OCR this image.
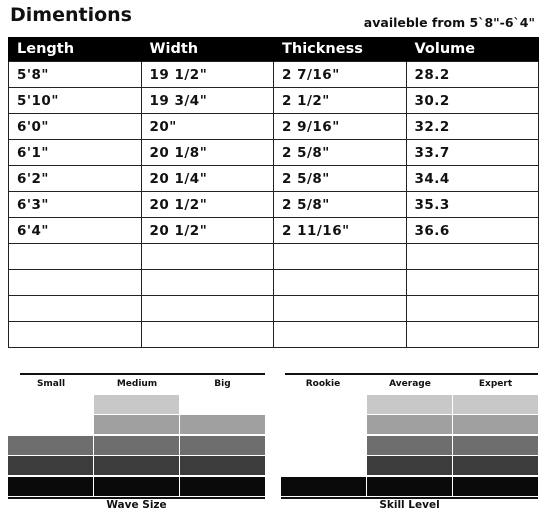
Dimentions	availeble from 5`8"-6`4"
Length	Width	Thickness	Volume
5'8"	19 1/2"	2 7/16"	28.2
5'10"	19 3/4"	2 1/2"	30.2
6'0"	20"	2 9/16"	32.2
6'1"	20 1/8"	2 5/8"	33.7
6'2"	20 1/4"	2 5/8"	34.4
6'3"	20 1/2"	2 5/8"	35.3
6'4"	20 1/2"	2 11/16"	36.6

Small	Medium	Big
Wave Size
Rookie	Average	Expert
Skill Level
